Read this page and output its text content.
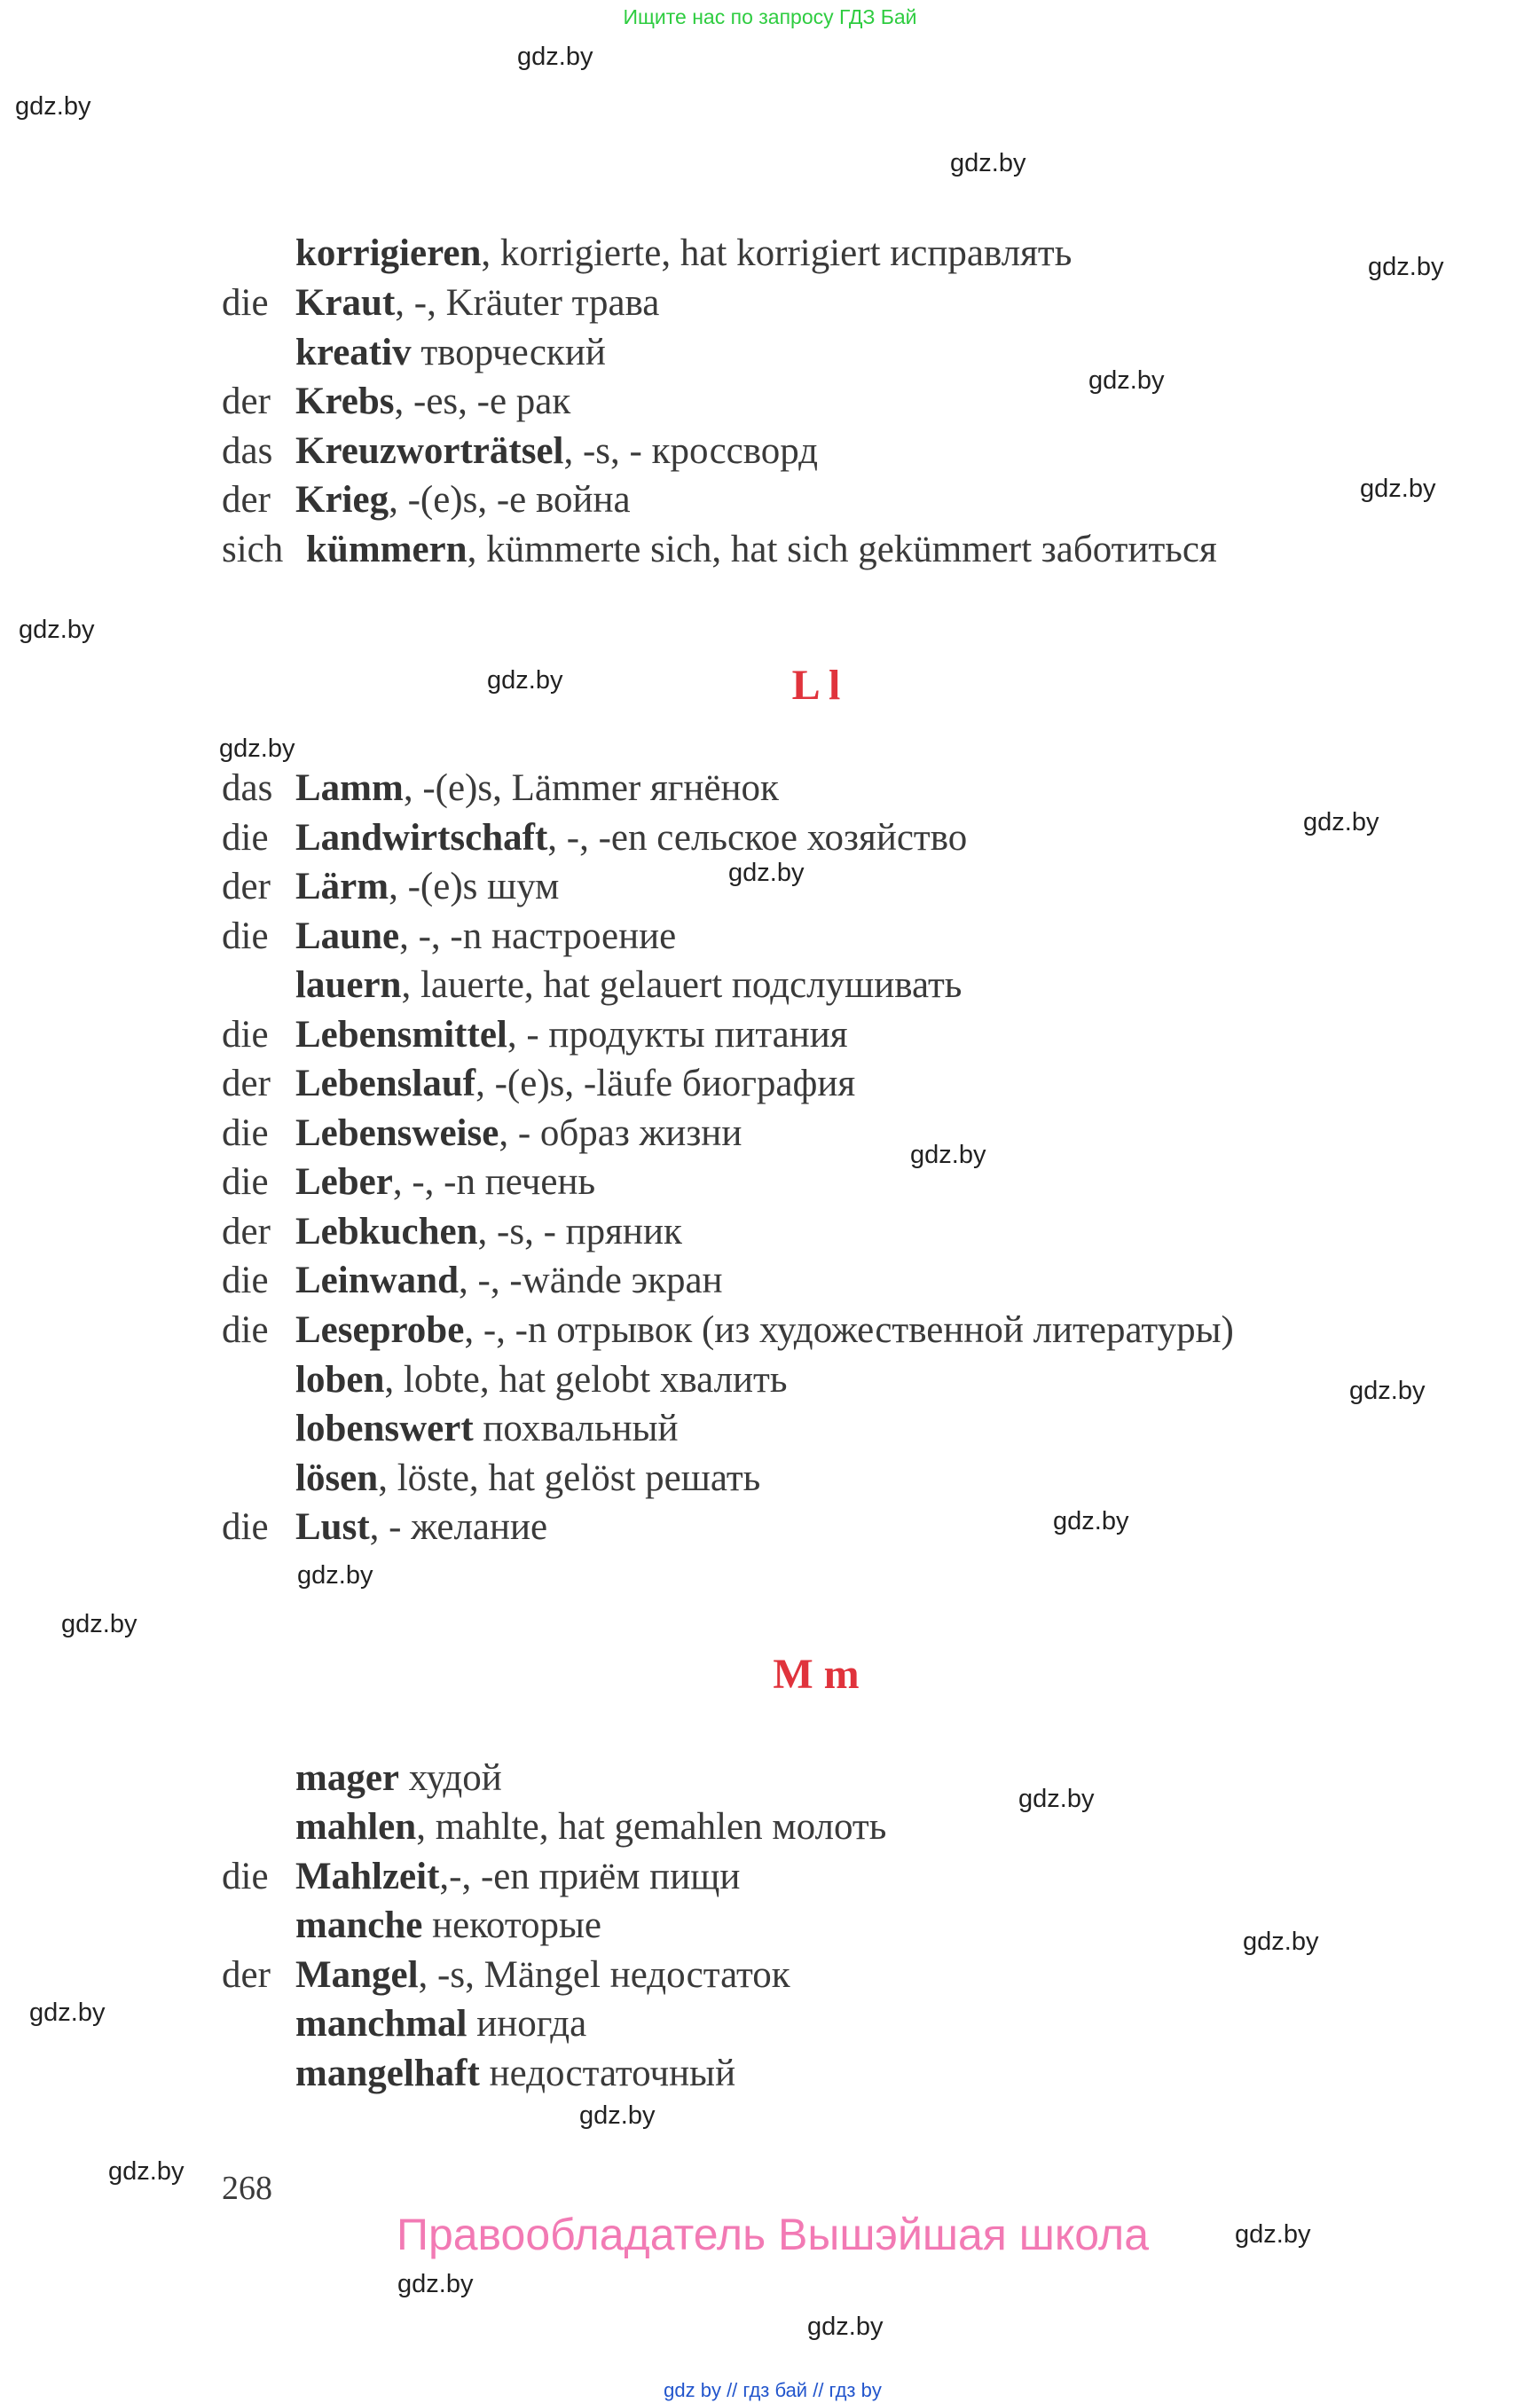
Ищите нас по запросу ГДЗ Бай
korrigieren, korrigierte, hat korrigiert исправлять
die Kraut, -, Kräuter трава
kreativ творческий
der Krebs, -es, -e рак
das Kreuzworträtsel, -s, - кроссворд
der Krieg, -(e)s, -e война
sich kümmern, kümmerte sich, hat sich gekümmert заботиться
L l
das Lamm, -(e)s, Lämmer ягнёнок
die Landwirtschaft, -, -en сельское хозяйство
der Lärm, -(e)s шум
die Laune, -, -n настроение
lauern, lauerte, hat gelauert подслушивать
die Lebensmittel, - продукты питания
der Lebenslauf, -(e)s, -läufe биография
die Lebensweise, - образ жизни
die Leber, -, -n печень
der Lebkuchen, -s, - пряник
die Leinwand, -, -wände экран
die Leseprobe, -, -n отрывок (из художественной литературы)
loben, lobte, hat gelobt хвалить
lobenswert похвальный
lösen, löste, hat gelöst решать
die Lust, - желание
M m
mager худой
mahlen, mahlte, hat gemahlen молоть
die Mahlzeit,-, -en приём пищи
manche некоторые
der Mangel, -s, Mängel недостаток
manchmal иногда
mangelhaft недостаточный
268
Правообладатель Вышэйшая школа
gdz by // гдз бай // гдз by
gdz.by
gdz.by
gdz.by
gdz.by
gdz.by
gdz.by
gdz.by
gdz.by
gdz.by
gdz.by
gdz.by
gdz.by
gdz.by
gdz.by
gdz.by
gdz.by
gdz.by
gdz.by
gdz.by
gdz.by
gdz.by
gdz.by
gdz.by
gdz.by
